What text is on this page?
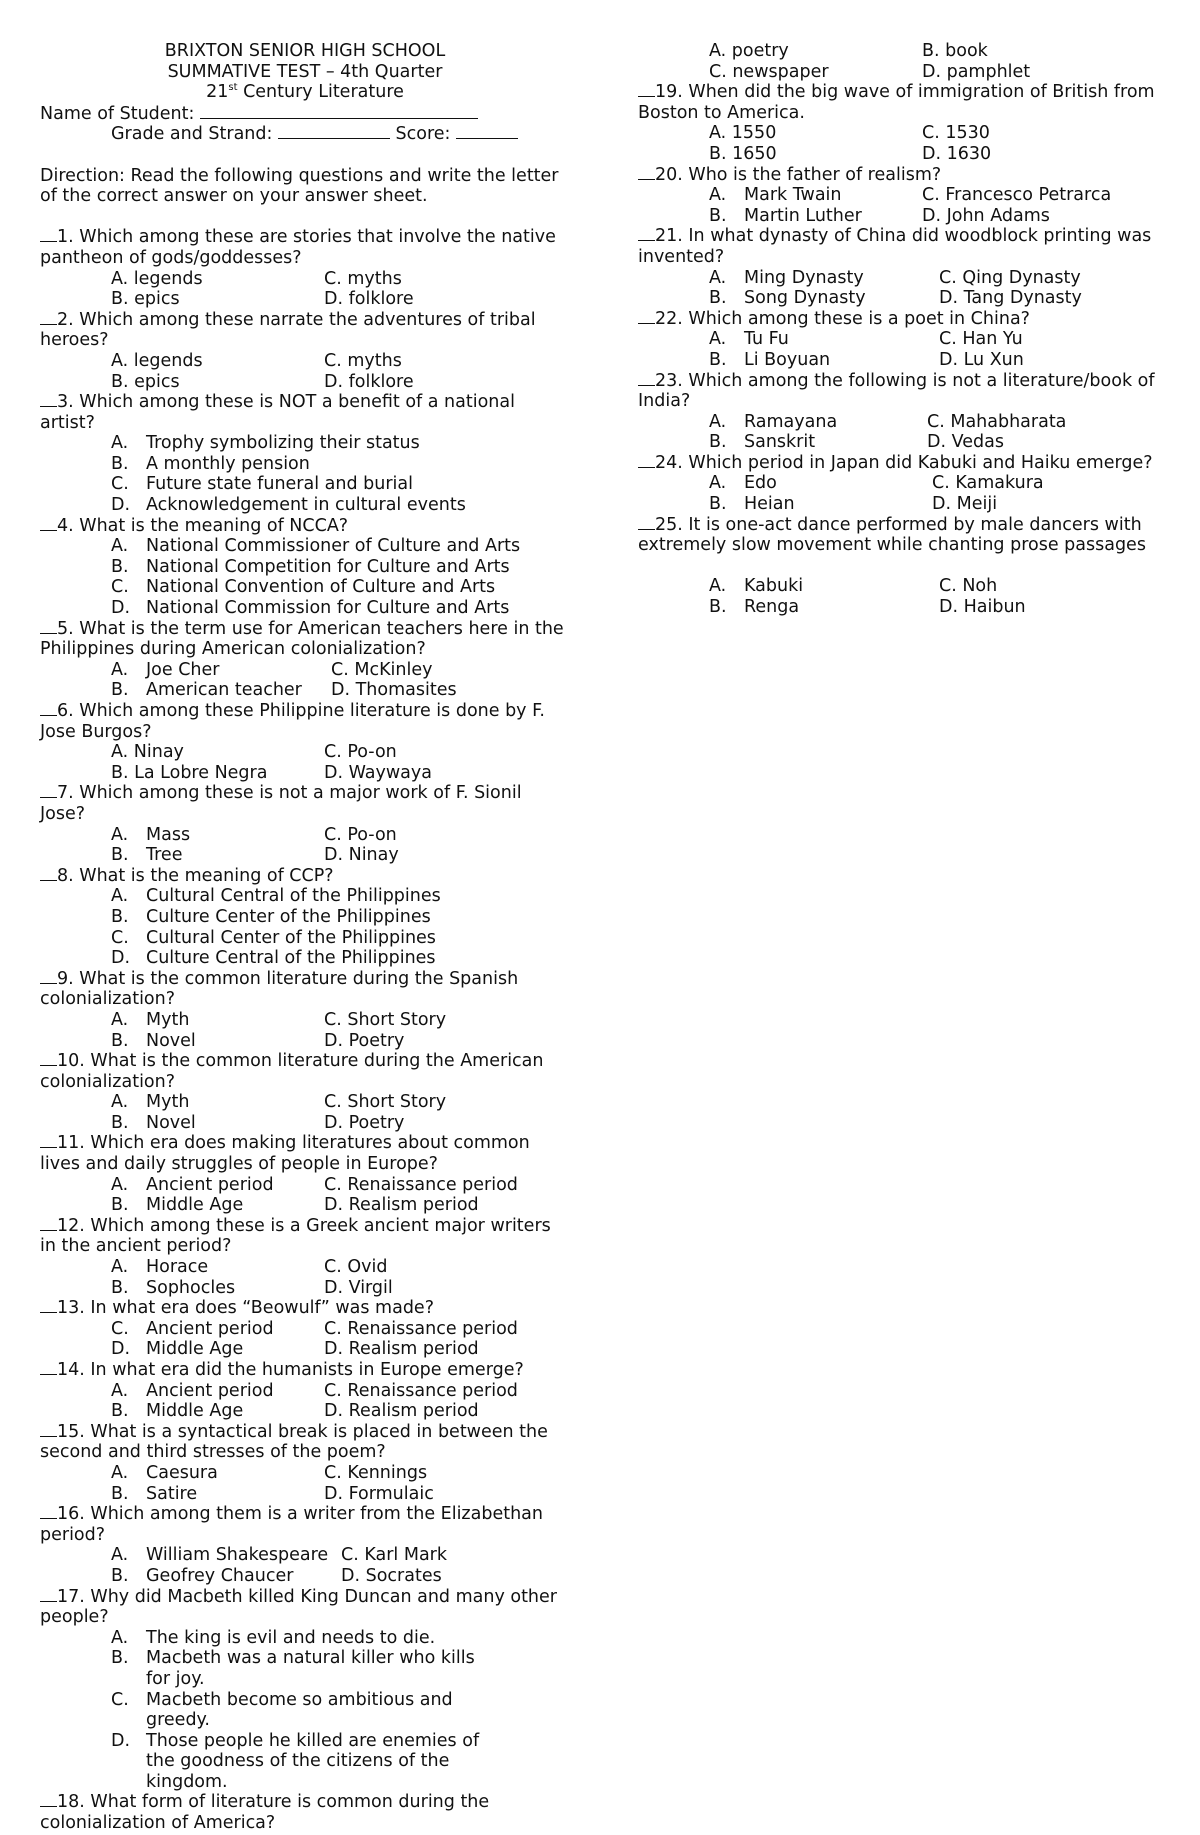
BRIXTON SENIOR HIGH SCHOOL
SUMMATIVE TEST – 4th Quarter
21st Century Literature
Name of Student:
Grade and Strand:	Score:
Direction: Read the following questions and write the letter of the correct answer on your answer sheet.
1. Which among these are stories that involve the native pantheon of gods/goddesses?
A. legends	C. myths
B. epics	D. folklore
2. Which among these narrate the adventures of tribal heroes?
A. legends	C. myths
B. epics	D. folklore
3. Which among these is NOT a benefit of a national artist?
A.	Trophy symbolizing their status
B. A monthly pension
C. Future state funeral and burial
D. Acknowledgement in cultural events
4. What is the meaning of NCCA?
A.	National Commissioner of Culture and Arts
B. National Competition for Culture and Arts
C. National Convention of Culture and Arts
D. National Commission for Culture and Arts
5. What is the term use for American teachers here in the Philippines during American colonialization?
A.	Joe Cher	C. McKinley
B. American teacher D. Thomasites
6. Which among these Philippine literature is done by F. Jose Burgos?
A. Ninay	C. Po-on
B. La Lobre Negra	D. Waywaya
7. Which among these is not a major work of F. Sionil Jose?
A.	Mass	C. Po-on
B. Tree	D. Ninay
8. What is the meaning of CCP?
A.	Cultural Central of the Philippines
B. Culture Center of the Philippines
C. Cultural Center of the Philippines
D. Culture Central of the Philippines
9. What is the common literature during the Spanish colonialization?
A.	Myth	C. Short Story
B. Novel	D. Poetry
10. What is the common literature during the American colonialization?
A.	Myth	C. Short Story
B. Novel	D. Poetry
11. Which era does making literatures about common lives and daily struggles of people in Europe?
A.	Ancient period	C. Renaissance period
B. Middle Age	D. Realism period
12. Which among these is a Greek ancient major writers in the ancient period?
A.	Horace	C. Ovid
B. Sophocles	D. Virgil
13. In what era does “Beowulf” was made?
C. Ancient period	C. Renaissance period
D. Middle Age	D. Realism period
14. In what era did the humanists in Europe emerge?
A.	Ancient period	C. Renaissance period
B. Middle Age	D. Realism period
15. What is a syntactical break is placed in between the second and third stresses of the poem?
A.	Caesura	C. Kennings
B. Satire	D. Formulaic
16. Which among them is a writer from the Elizabethan period?
A.	William Shakespeare C. Karl Mark
B. Geofrey Chaucer	D. Socrates
17. Why did Macbeth killed King Duncan and many other people?
A.	The king is evil and needs to die.
B. Macbeth was a natural killer who kills for joy.
C. Macbeth become so ambitious and greedy.
D. Those people he killed are enemies of the goodness of the citizens of the kingdom.
18. What form of literature is common during the colonialization of America?
A. poetry	B. book
C. newspaper	D. pamphlet
19. When did the big wave of immigration of British from Boston to America.
A. 1550	C. 1530
B. 1650	D. 1630
20. Who is the father of realism?
A.	Mark Twain	C. Francesco Petrarca
B. Martin Luther	D. John Adams
21. In what dynasty of China did woodblock printing was invented?
A.	Ming Dynasty	C. Qing Dynasty
B. Song Dynasty	D. Tang Dynasty
22. Which among these is a poet in China?
A.	Tu Fu	C. Han Yu
B. Li Boyuan	D. Lu Xun
23. Which among the following is not a literature/book of India?
A.	Ramayana	C. Mahabharata
B. Sanskrit	D. Vedas
24. Which period in Japan did Kabuki and Haiku emerge?
A.	Edo	C. Kamakura
B. Heian	D. Meiji
25. It is one-act dance performed by male dancers with extremely slow movement while chanting prose passages
A.	Kabuki	C. Noh
B. Renga	D. Haibun
